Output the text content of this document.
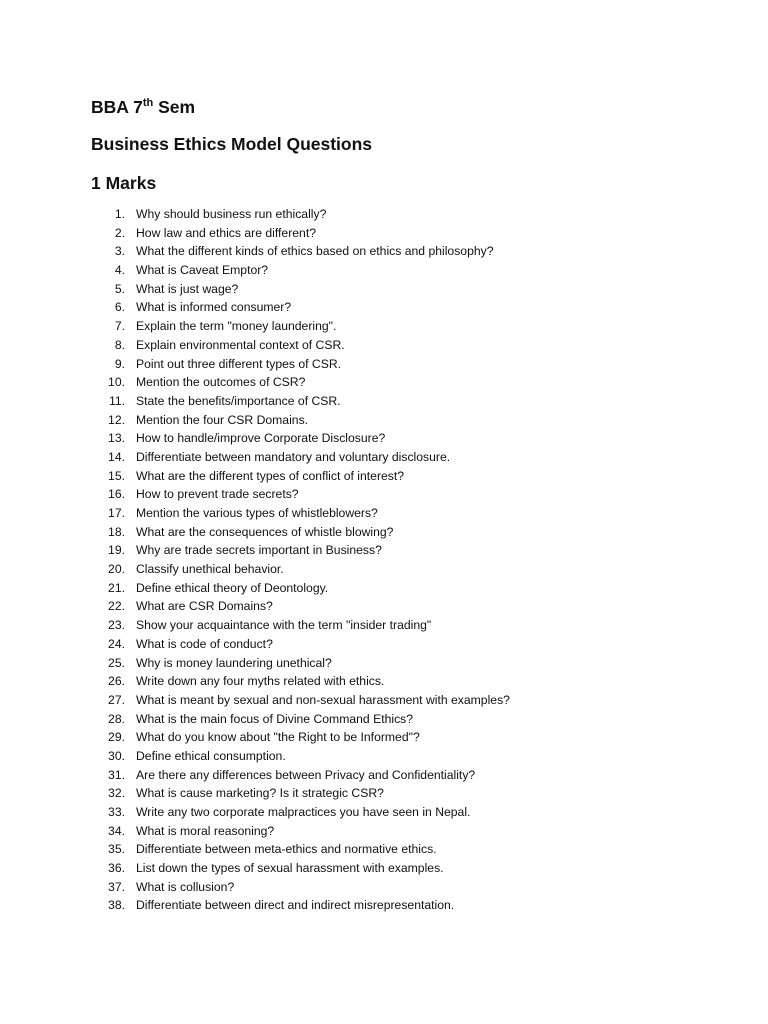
BBA 7th Sem
Business Ethics Model Questions
1 Marks
1. Why should business run ethically?
2. How law and ethics are different?
3. What the different kinds of ethics based on ethics and philosophy?
4. What is Caveat Emptor?
5. What is just wage?
6. What is informed consumer?
7. Explain the term "money laundering".
8. Explain environmental context of CSR.
9. Point out three different types of CSR.
10. Mention the outcomes of CSR?
11. State the benefits/importance of CSR.
12. Mention the four CSR Domains.
13. How to handle/improve Corporate Disclosure?
14. Differentiate between mandatory and voluntary disclosure.
15. What are the different types of conflict of interest?
16. How to prevent trade secrets?
17. Mention the various types of whistleblowers?
18. What are the consequences of whistle blowing?
19. Why are trade secrets important in Business?
20. Classify unethical behavior.
21. Define ethical theory of Deontology.
22. What are CSR Domains?
23. Show your acquaintance with the term "insider trading"
24. What is code of conduct?
25. Why is money laundering unethical?
26. Write down any four myths related with ethics.
27. What is meant by sexual and non-sexual harassment with examples?
28. What is the main focus of Divine Command Ethics?
29. What do you know about "the Right to be Informed"?
30. Define ethical consumption.
31. Are there any differences between Privacy and Confidentiality?
32. What is cause marketing? Is it strategic CSR?
33. Write any two corporate malpractices you have seen in Nepal.
34. What is moral reasoning?
35. Differentiate between meta-ethics and normative ethics.
36. List down the types of sexual harassment with examples.
37. What is collusion?
38. Differentiate between direct and indirect misrepresentation.
